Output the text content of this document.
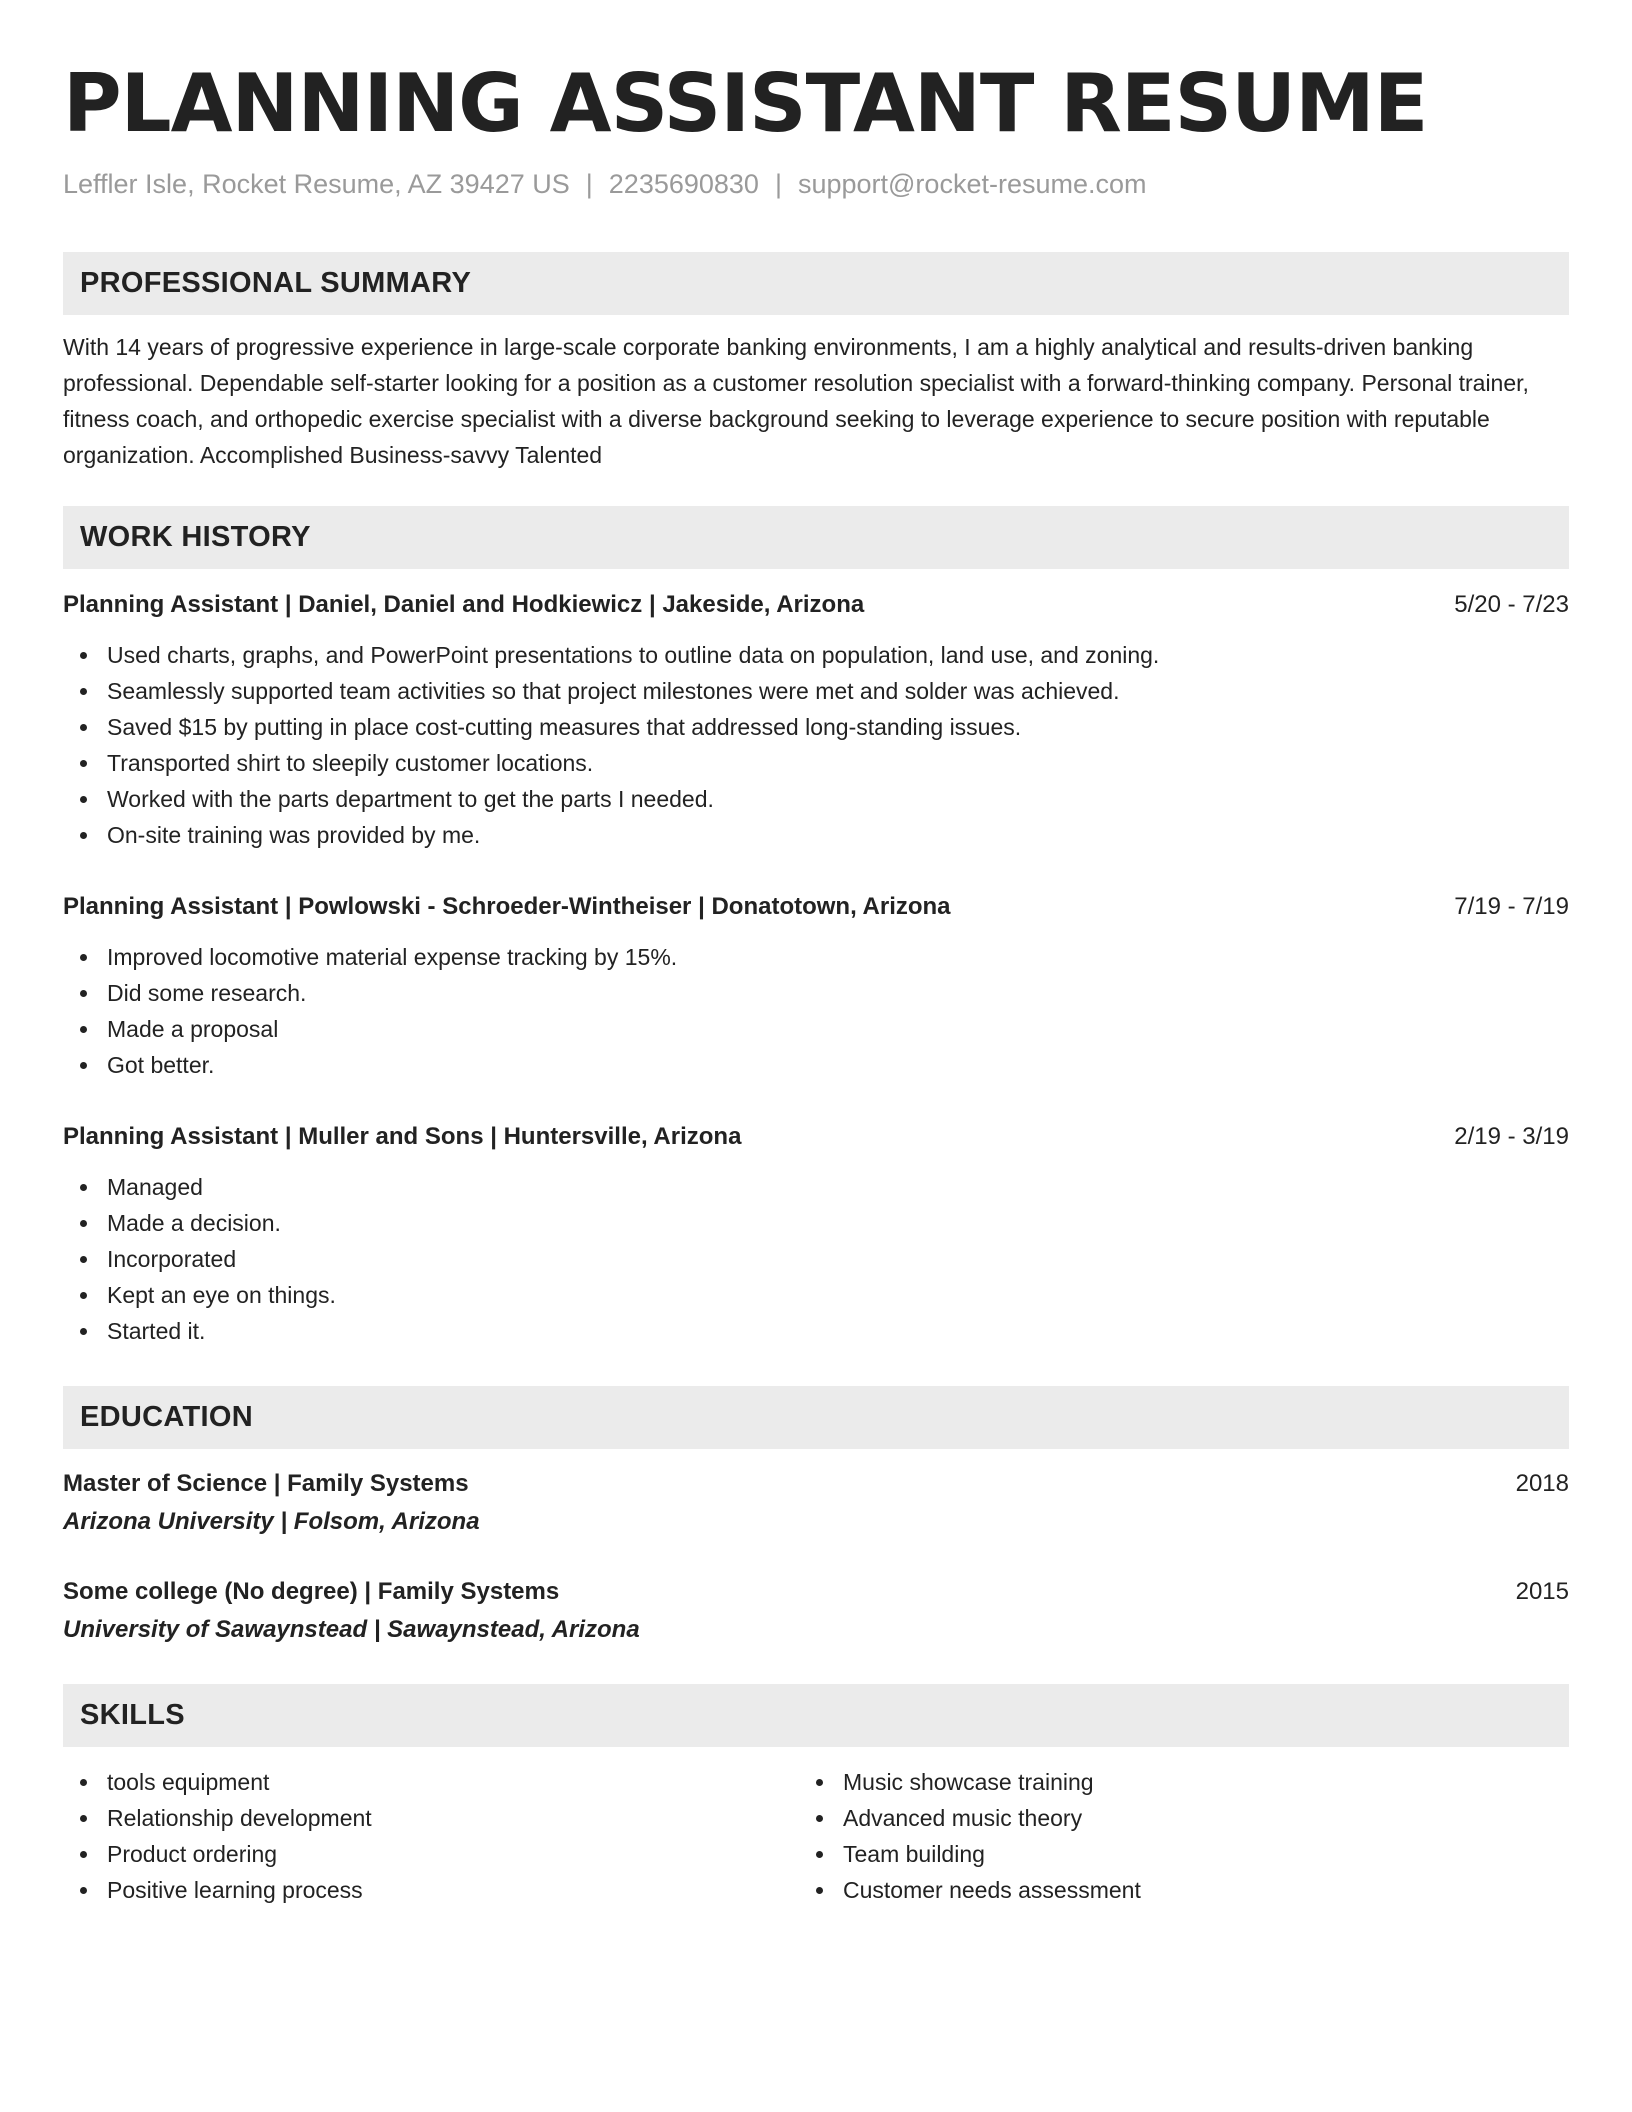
PLANNING ASSISTANT RESUME
Leffler Isle, Rocket Resume, AZ 39427 US | 2235690830 | support@rocket-resume.com
PROFESSIONAL SUMMARY
With 14 years of progressive experience in large-scale corporate banking environments, I am a highly analytical and results-driven banking professional. Dependable self-starter looking for a position as a customer resolution specialist with a forward-thinking company. Personal trainer, fitness coach, and orthopedic exercise specialist with a diverse background seeking to leverage experience to secure position with reputable organization. Accomplished Business-savvy Talented
WORK HISTORY
Planning Assistant | Daniel, Daniel and Hodkiewicz | Jakeside, Arizona	5/20 - 7/23
Used charts, graphs, and PowerPoint presentations to outline data on population, land use, and zoning.
Seamlessly supported team activities so that project milestones were met and solder was achieved.
Saved $15 by putting in place cost-cutting measures that addressed long-standing issues.
Transported shirt to sleepily customer locations.
Worked with the parts department to get the parts I needed.
On-site training was provided by me.
Planning Assistant | Powlowski - Schroeder-Wintheiser | Donatotown, Arizona	7/19 - 7/19
Improved locomotive material expense tracking by 15%.
Did some research.
Made a proposal
Got better.
Planning Assistant | Muller and Sons | Huntersville, Arizona	2/19 - 3/19
Managed
Made a decision.
Incorporated
Kept an eye on things.
Started it.
EDUCATION
Master of Science | Family Systems	2018
Arizona University | Folsom, Arizona
Some college (No degree) | Family Systems	2015
University of Sawaynstead | Sawaynstead, Arizona
SKILLS
tools equipment
Relationship development
Product ordering
Positive learning process
Music showcase training
Advanced music theory
Team building
Customer needs assessment
